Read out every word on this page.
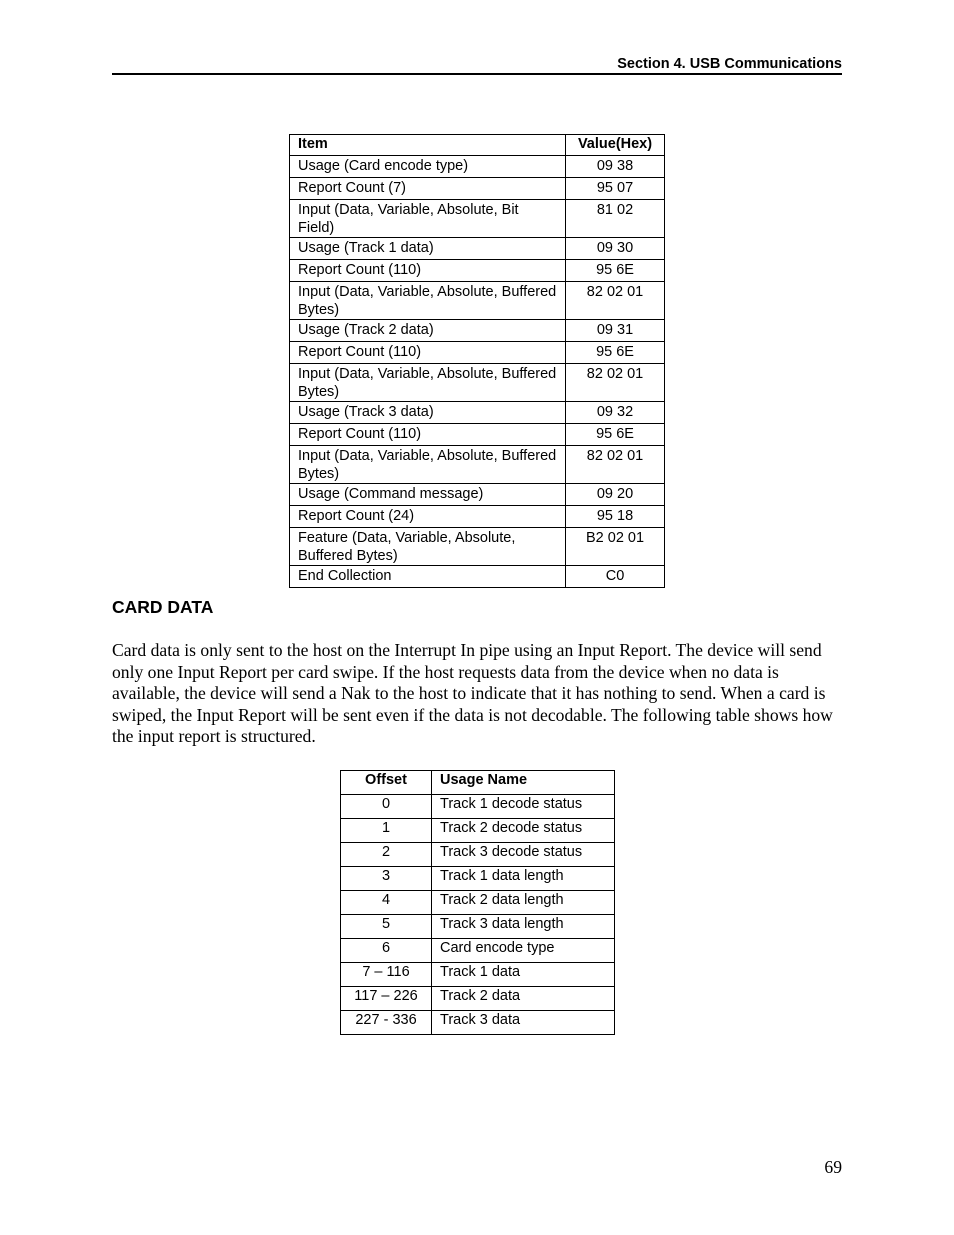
Section 4. USB Communications
Item	Value(Hex)
Usage (Card encode type)	09 38
Report Count (7)	95 07
Input (Data, Variable, Absolute, Bit Field)	81 02
Usage (Track 1 data)	09 30
Report Count (110)	95 6E
Input (Data, Variable, Absolute, Buffered Bytes)	82 02 01
Usage (Track 2 data)	09 31
Report Count (110)	95 6E
Input (Data, Variable, Absolute, Buffered Bytes)	82 02 01
Usage (Track 3 data)	09 32
Report Count (110)	95 6E
Input (Data, Variable, Absolute, Buffered Bytes)	82 02 01
Usage (Command message)	09 20
Report Count (24)	95 18
Feature (Data, Variable, Absolute, Buffered Bytes)	B2 02 01
End Collection	C0
CARD DATA

Card data is only sent to the host on the Interrupt In pipe using an Input Report. The device will send only one Input Report per card swipe. If the host requests data from the device when no data is available, the device will send a Nak to the host to indicate that it has nothing to send. When a card is swiped, the Input Report will be sent even if the data is not decodable. The following table shows how the input report is structured.

Offset	Usage Name
0	Track 1 decode status
1	Track 2 decode status
2	Track 3 decode status
3	Track 1 data length
4	Track 2 data length
5	Track 3 data length
6	Card encode type
7 – 116	Track 1 data
117 – 226	Track 2 data
227 - 336	Track 3 data
69
